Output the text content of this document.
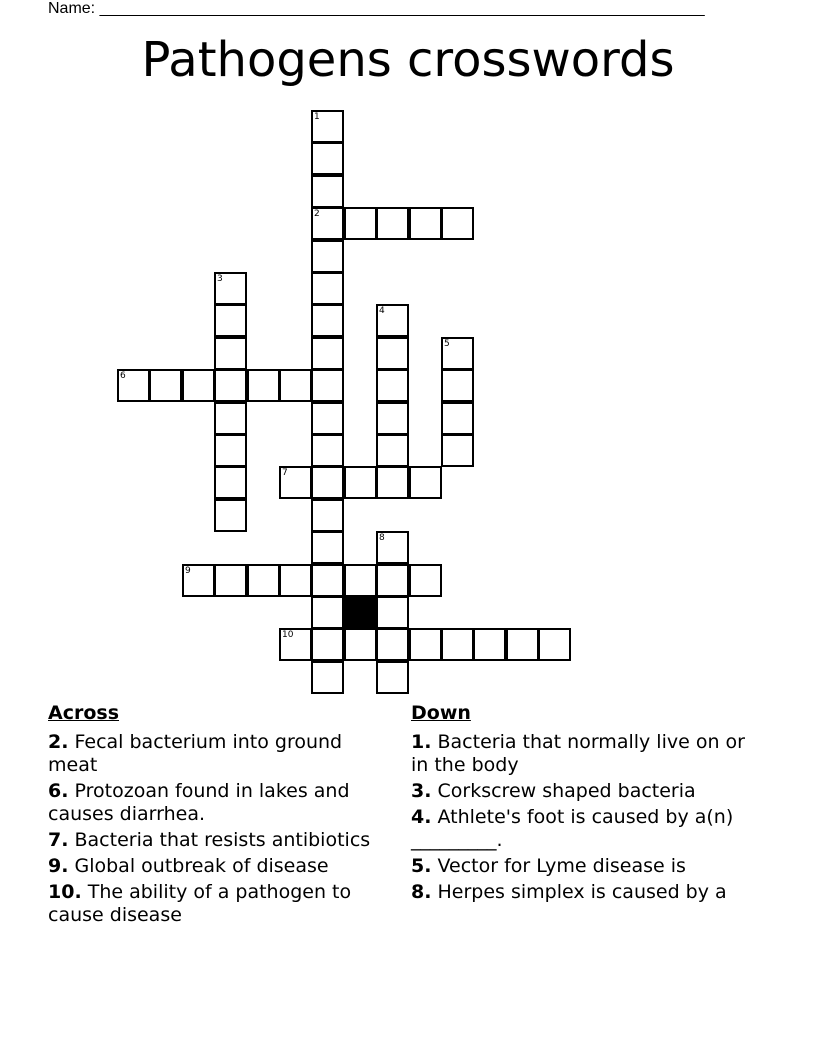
Name: ____________________________________________________________________
Pathogens crosswords
2
6
7
9
10
1
3
4
5
8
Across
2. Fecal bacterium into ground meat
6. Protozoan found in lakes and causes diarrhea.
7. Bacteria that resists antibiotics
9. Global outbreak of disease
10. The ability of a pathogen to cause disease
Down
1. Bacteria that normally live on or in the body
3. Corkscrew shaped bacteria
4. Athlete's foot is caused by a(n) _________.
5. Vector for Lyme disease is
8. Herpes simplex is caused by a
